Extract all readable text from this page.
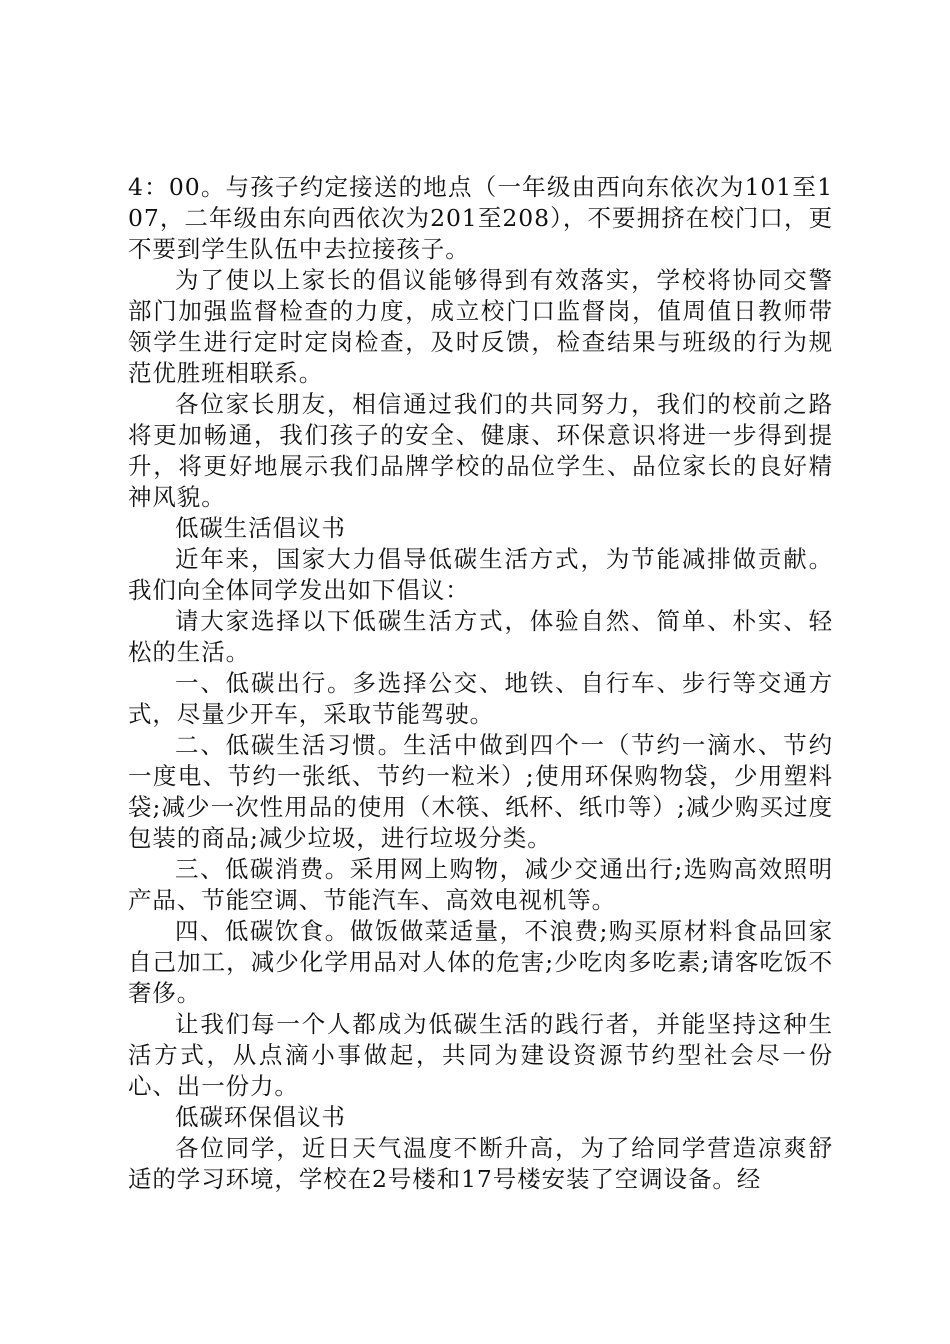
4：00。与孩子约定接送的地点（一年级由西向东依次为101至107，二年级由东向西依次为201至208），不要拥挤在校门口，更不要到学生队伍中去拉接孩子。

为了使以上家长的倡议能够得到有效落实，学校将协同交警部门加强监督检查的力度，成立校门口监督岗，值周值日教师带领学生进行定时定岗检查，及时反馈，检查结果与班级的行为规范优胜班相联系。

各位家长朋友，相信通过我们的共同努力，我们的校前之路将更加畅通，我们孩子的安全、健康、环保意识将进一步得到提升，将更好地展示我们品牌学校的品位学生、品位家长的良好精神风貌。

低碳生活倡议书

近年来，国家大力倡导低碳生活方式，为节能减排做贡献。我们向全体同学发出如下倡议：

请大家选择以下低碳生活方式，体验自然、简单、朴实、轻松的生活。

一、低碳出行。多选择公交、地铁、自行车、步行等交通方式，尽量少开车，采取节能驾驶。

二、低碳生活习惯。生活中做到四个一（节约一滴水、节约一度电、节约一张纸、节约一粒米）;使用环保购物袋，少用塑料袋;减少一次性用品的使用（木筷、纸杯、纸巾等）;减少购买过度包装的商品;减少垃圾，进行垃圾分类。

三、低碳消费。采用网上购物，减少交通出行;选购高效照明产品、节能空调、节能汽车、高效电视机等。

四、低碳饮食。做饭做菜适量，不浪费;购买原材料食品回家自己加工，减少化学用品对人体的危害;少吃肉多吃素;请客吃饭不奢侈。

让我们每一个人都成为低碳生活的践行者，并能坚持这种生活方式，从点滴小事做起，共同为建设资源节约型社会尽一份心、出一份力。

低碳环保倡议书

各位同学，近日天气温度不断升高，为了给同学营造凉爽舒适的学习环境，学校在2号楼和17号楼安装了空调设备。经
